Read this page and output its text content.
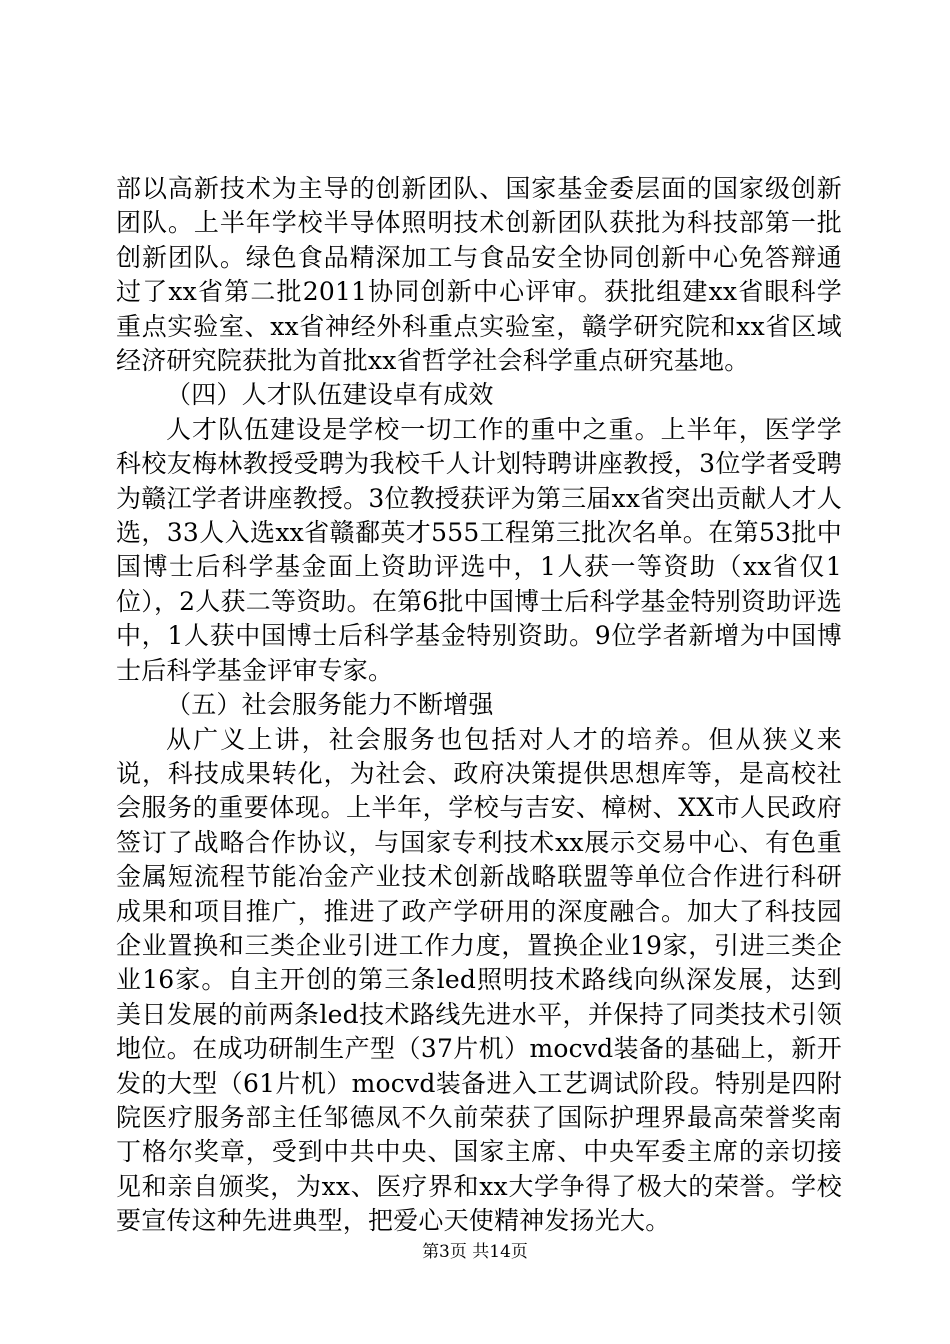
部以高新技术为主导的创新团队、国家基金委层面的国家级创新团队。上半年学校半导体照明技术创新团队获批为科技部第一批创新团队。绿色食品精深加工与食品安全协同创新中心免答辩通过了xx省第二批2011协同创新中心评审。获批组建xx省眼科学重点实验室、xx省神经外科重点实验室，赣学研究院和xx省区域经济研究院获批为首批xx省哲学社会科学重点研究基地。

（四）人才队伍建设卓有成效

人才队伍建设是学校一切工作的重中之重。上半年，医学学科校友梅林教授受聘为我校千人计划特聘讲座教授，3位学者受聘为赣江学者讲座教授。3位教授获评为第三届xx省突出贡献人才人选，33人入选xx省赣鄱英才555工程第三批次名单。在第53批中国博士后科学基金面上资助评选中，1人获一等资助（xx省仅1位），2人获二等资助。在第6批中国博士后科学基金特别资助评选中，1人获中国博士后科学基金特别资助。9位学者新增为中国博士后科学基金评审专家。

（五）社会服务能力不断增强

从广义上讲，社会服务也包括对人才的培养。但从狭义来说，科技成果转化，为社会、政府决策提供思想库等，是高校社会服务的重要体现。上半年，学校与吉安、樟树、XX市人民政府签订了战略合作协议，与国家专利技术xx展示交易中心、有色重金属短流程节能冶金产业技术创新战略联盟等单位合作进行科研成果和项目推广，推进了政产学研用的深度融合。加大了科技园企业置换和三类企业引进工作力度，置换企业19家，引进三类企业16家。自主开创的第三条led照明技术路线向纵深发展，达到美日发展的前两条led技术路线先进水平，并保持了同类技术引领地位。在成功研制生产型（37片机）mocvd装备的基础上，新开发的大型（61片机）mocvd装备进入工艺调试阶段。特别是四附院医疗服务部主任邹德凤不久前荣获了国际护理界最高荣誉奖南丁格尔奖章，受到中共中央、国家主席、中央军委主席的亲切接见和亲自颁奖，为xx、医疗界和xx大学争得了极大的荣誉。学校要宣传这种先进典型，把爱心天使精神发扬光大。

第3页 共14页
